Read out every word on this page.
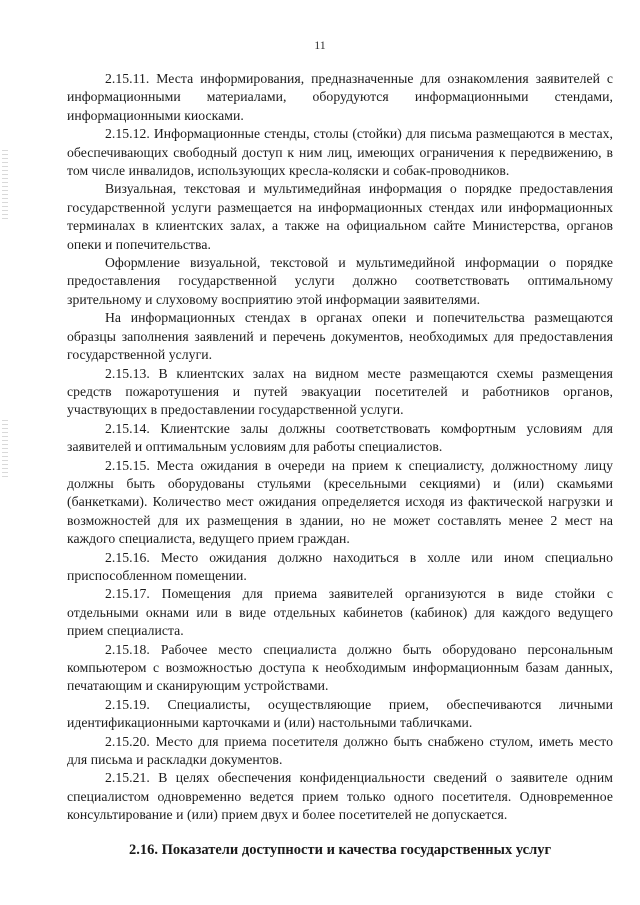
11

2.15.11. Места информирования, предназначенные для ознакомления заявителей с информационными материалами, оборудуются информационными стендами, информационными киосками.

2.15.12. Информационные стенды, столы (стойки) для письма размещаются в местах, обеспечивающих свободный доступ к ним лиц, имеющих ограничения к передвижению, в том числе инвалидов, использующих кресла-коляски и собак-проводников.

Визуальная, текстовая и мультимедийная информация о порядке предоставления государственной услуги размещается на информационных стендах или информационных терминалах в клиентских залах, а также на официальном сайте Министерства, органов опеки и попечительства.

Оформление визуальной, текстовой и мультимедийной информации о порядке предоставления государственной услуги должно соответствовать оптимальному зрительному и слуховому восприятию этой информации заявителями.

На информационных стендах в органах опеки и попечительства размещаются образцы заполнения заявлений и перечень документов, необходимых для предоставления государственной услуги.

2.15.13. В клиентских залах на видном месте размещаются схемы размещения средств пожаротушения и путей эвакуации посетителей и работников органов, участвующих в предоставлении государственной услуги.

2.15.14. Клиентские залы должны соответствовать комфортным условиям для заявителей и оптимальным условиям для работы специалистов.

2.15.15. Места ожидания в очереди на прием к специалисту, должностному лицу должны быть оборудованы стульями (кресельными секциями) и (или) скамьями (банкетками). Количество мест ожидания определяется исходя из фактической нагрузки и возможностей для их размещения в здании, но не может составлять менее 2 мест на каждого специалиста, ведущего прием граждан.

2.15.16. Место ожидания должно находиться в холле или ином специально приспособленном помещении.

2.15.17. Помещения для приема заявителей организуются в виде стойки с отдельными окнами или в виде отдельных кабинетов (кабинок) для каждого ведущего прием специалиста.

2.15.18. Рабочее место специалиста должно быть оборудовано персональным компьютером с возможностью доступа к необходимым информационным базам данных, печатающим и сканирующим устройствами.

2.15.19. Специалисты, осуществляющие прием, обеспечиваются личными идентификационными карточками и (или) настольными табличками.

2.15.20. Место для приема посетителя должно быть снабжено стулом, иметь место для письма и раскладки документов.

2.15.21. В целях обеспечения конфиденциальности сведений о заявителе одним специалистом одновременно ведется прием только одного посетителя. Одновременное консультирование и (или) прием двух и более посетителей не допускается.

2.16. Показатели доступности и качества государственных услуг
